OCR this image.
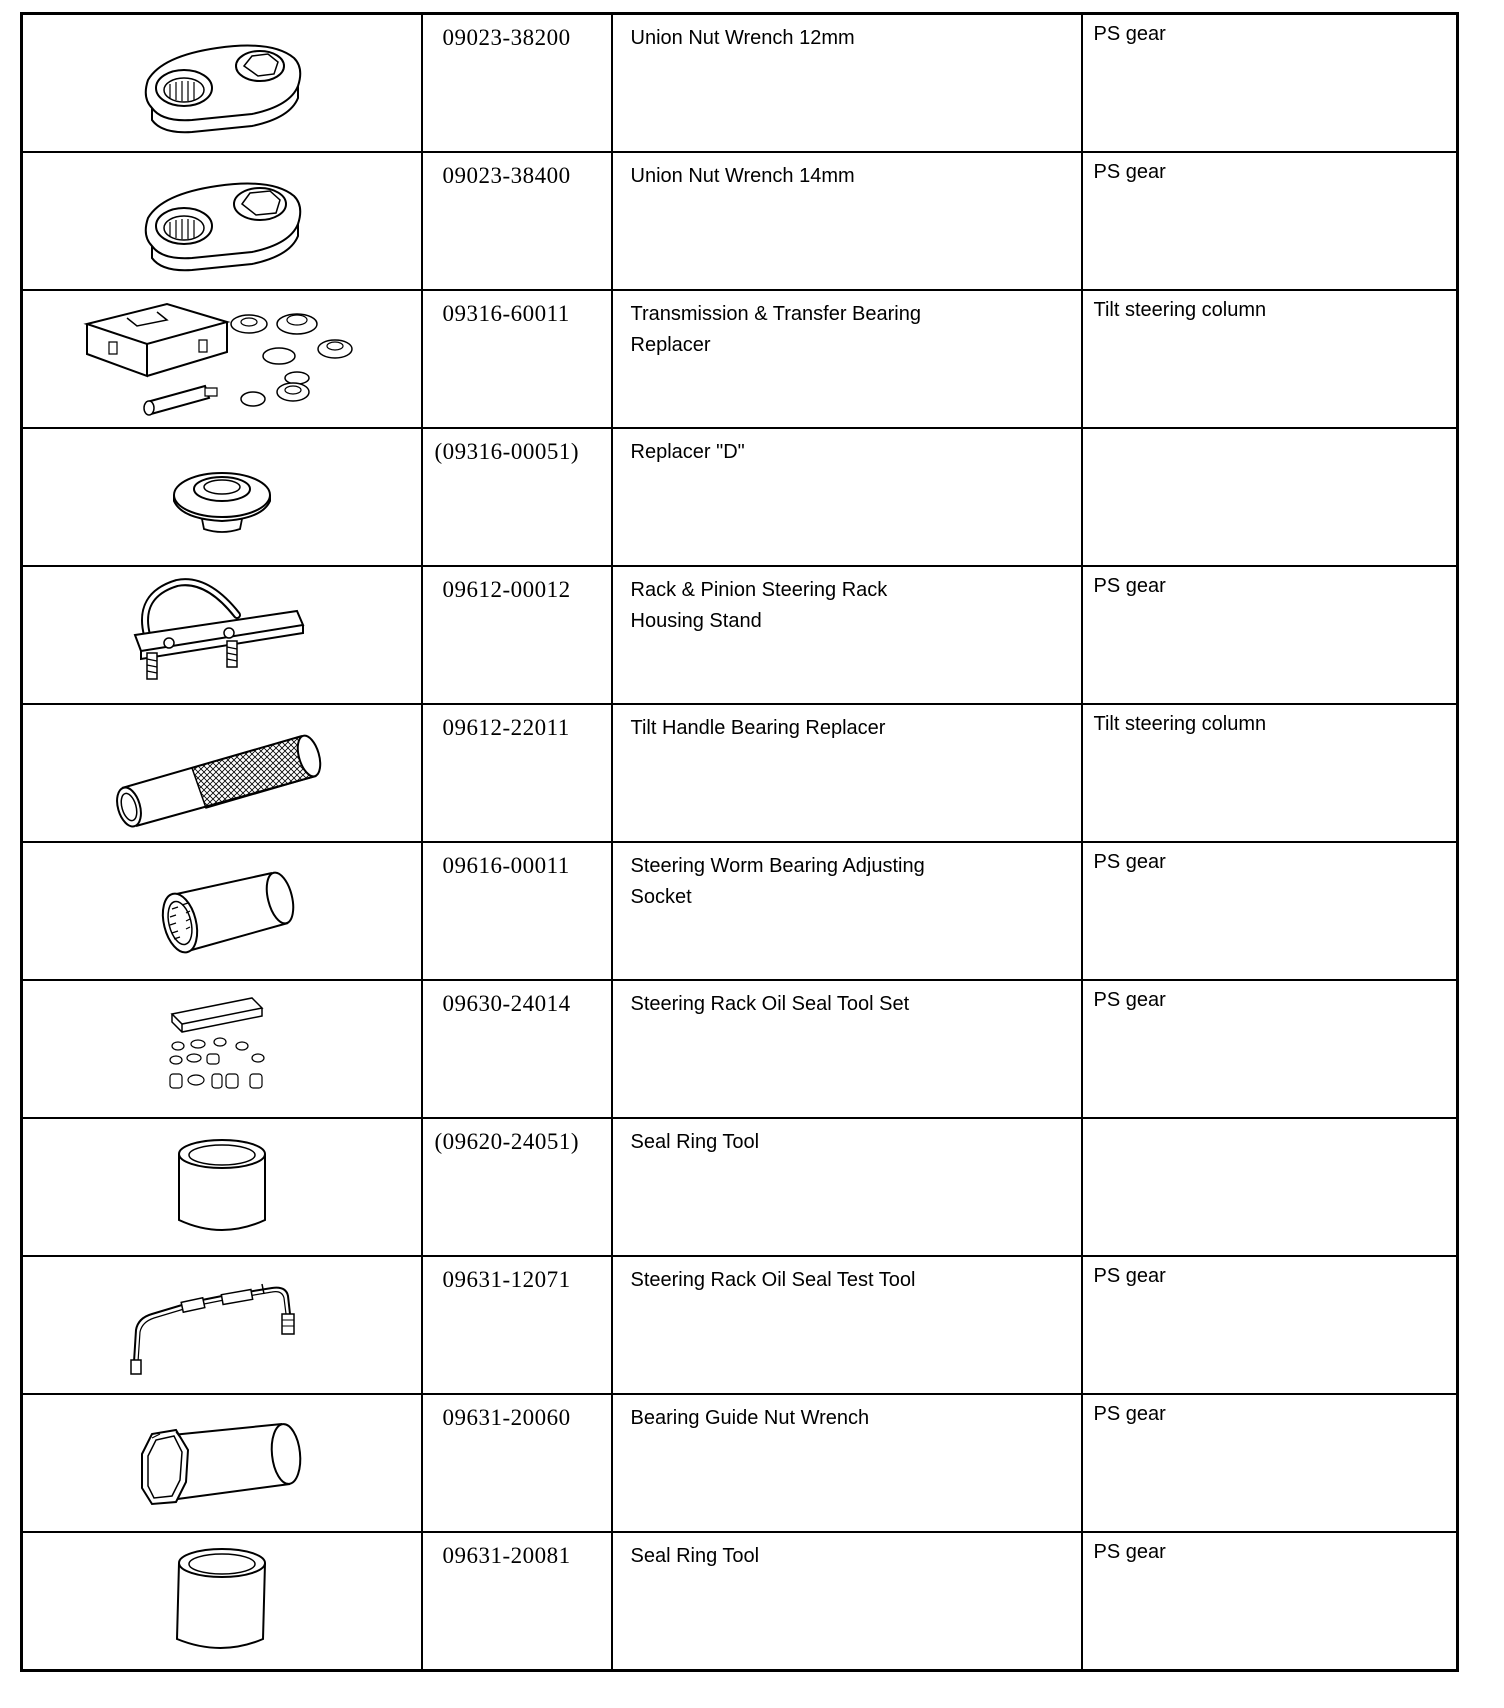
09023-38200	Union Nut Wrench 12mm	PS gear

09023-38400	Union Nut Wrench 14mm	PS gear

09316-60011	Transmission & Transfer Bearing Replacer	Tilt steering column

(09316-00051)	Replacer "D"	

09612-00012	Rack & Pinion Steering Rack Housing Stand	PS gear

09612-22011	Tilt Handle Bearing Replacer	Tilt steering column

09616-00011	Steering Worm Bearing Adjusting Socket	PS gear

09630-24014	Steering Rack Oil Seal Tool Set	PS gear

(09620-24051)	Seal Ring Tool	

09631-12071	Steering Rack Oil Seal Test Tool	PS gear

09631-20060	Bearing Guide Nut Wrench	PS gear

09631-20081	Seal Ring Tool	PS gear
